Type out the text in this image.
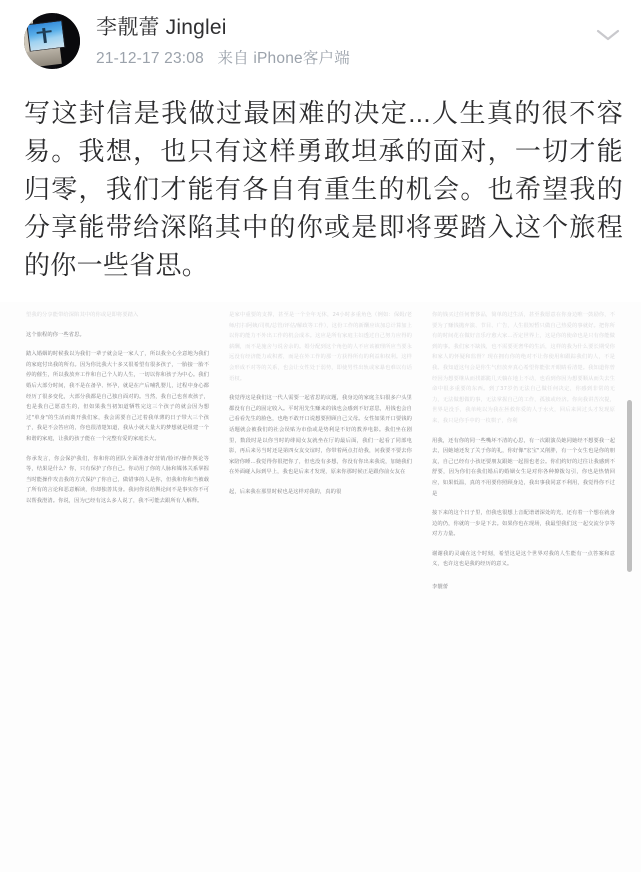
李靓蕾 Jinglei
21-12-17 23:08 来自 iPhone客户端
写这封信是我做过最困难的决定...人生真的很不容易。我想，也只有这样勇敢坦承的面对，一切才能归零，我们才能有各自有重生的机会。也希望我的分享能带给深陷其中的你或是即将要踏入这个旅程的你一些省思。
望我的分享能带给深陷其中的你或是即将要踏入
这个旅程的你一些省思。
踏入婚姻的时候我以为我们一辈子就会是一家人了，所以我全心全意地为我们的家庭付出我的所有。因为你比我大十多又很希望有很多孩子，一胎接一胎不停的催生，所以我放弃工作和自己个人的人生，一切以你和孩子为中心。我们婚后大部分时间，我不是在备孕、怀孕，就是在产后哺乳婴儿，过程中身心都经历了很多变化，大部分我都是自己独自面对的。当然，我自己也喜欢孩子，也是我自己愿意生的，但如果我当初知道牺牲完这三个孩子的就会因为想过"单身"的生活而离开我们家，我会需要自己过着我单薄的日子带大三个孩子，我是不会答应的，你也很清楚知道，我从小就大量大的梦想就是组建一个和谐的家庭，让我的孩子能在一个完整有爱的家庭长大。
你承发言，你会保护我们，你和你的团队全面准备好营销/脸评/操作舆论等等，结果是什么？你，只有保护了你自己。你动用了你的人脉和媒体关系掌握当时能操作攻击我的方式保护了你自己，做错事的人是你，但我和你和当被载了所有的言论和恶意解读，你却独善其身。我问你说给舆论间不是事实你不可以帮我澄清。你说，因为已经有这么多人说了，我不可能去跟所有人解释。
是家中重要的支撑，甚至是一个全年无休，24小时多重角色（例如：保姆/老师/打扫阿姨/司机/总管/评估/解政等工作），这份工作的新酬应该加总计算加上以你的能力不外出工作的机会成本。这应是所有家庭主妇透过自己努力应得的薪酬，而不是施舍与说舍余的。婚分配到这个角色的人不应该被理所应当要永远没有经济能力或积蓄，而是在外工作的那一方获得所有的利益和权利。这样会形成不对等的关系，也会让女性处于弱势，即使男性出轨或家暴也难以有话语权。
我觉得这是我们这一代人需要一起省思的议题，我身边的家庭主妇很多户头里都没有自己的固定收入。平时用先生赚来的钱也会感到不好意思，用钱也会自己看看先生的脸色，也绝不敢开口说想要照顾自己父母。女性如果开口要钱的话题就会被我们的社会误贴为市侩或是势利是不好的教养电影。我们坐在剧里，数段时是以你当时的绯闻女友就坐在厅的最后面，我们一起看了同部电影，再后来另当时还是第四女友交谊时，你带着两点打给我，问我要不要去你家陪你睡...我觉得你很把你了，但也没有多想，你没有你出来我说，加她我们在外面碰入际到早上，我也是后来才发现，原来你那时候正是跟你前女友在
起，后来我在那里时候也是这样对我的，真的很
你的钱买过任何奢侈品，简单的过生活，甚至我愿意在你身边唯一鼓励你，不要为了赚钱抛弃演、节目、广告，人生很短暂只做自己热爱的事就好。把你所有的时间花在做好音乐疗愈大家...否定世界上，这是你的使命也是只有你能做到的事。我们家不缺钱，也不需要更奢华的生活，这样的我为什么要长期受你和家人的怀疑和监督？现在拥有你的绝对不让你使用和跟踪我们的人，不是我。我知道这句会是你生气但放弃真心希望你能张开眼睛看清楚。我知道你曾经因为想要继从而找都跪几天躺在地上不动，也看到你因为想要顺从而失去生命中很多重要的东西。到了37岁仍无法自己做任何决定，你感到非常的无力，无法做想做的事，无法掌握自己的工作，孤独或经济。你向我讲苦次提，世界是没手，我单纯以为我在拯救你爱的人于水火，回后来回过头才发现原来，我只是你手中的一枚棋子，你利
用我，还有你的同一些嘴坏不清的心思，有一次跟演员她同她经不想要我一起去，因她她还发了关于你的礼，你好像"宏宝"又削胖，有一个女生也是你的朋友，自己已经有小孩还要朋友跟她一起围也老公。你们约好的过往让我感到不舒要，因为你们在我们婚后的婚姻女生是对你各种撩拨勾引，你也是热情回应，如果低温，真的不用要你照顾身边，我出事我同意不利用，我觉得你不过是
接下来的这个日子里，但我也很想上音配谱谱深处的光，还有着一个想在就身边的仍，你就的一步是下去。如果你也在现场，我最望我们这一起交流分享等对方力量。
谢谢我的灵魂在这个时刻，希望这是这个世界对我的人生能有一点答案和意义，也许这也是我的经历的意义。
李靓蕾
